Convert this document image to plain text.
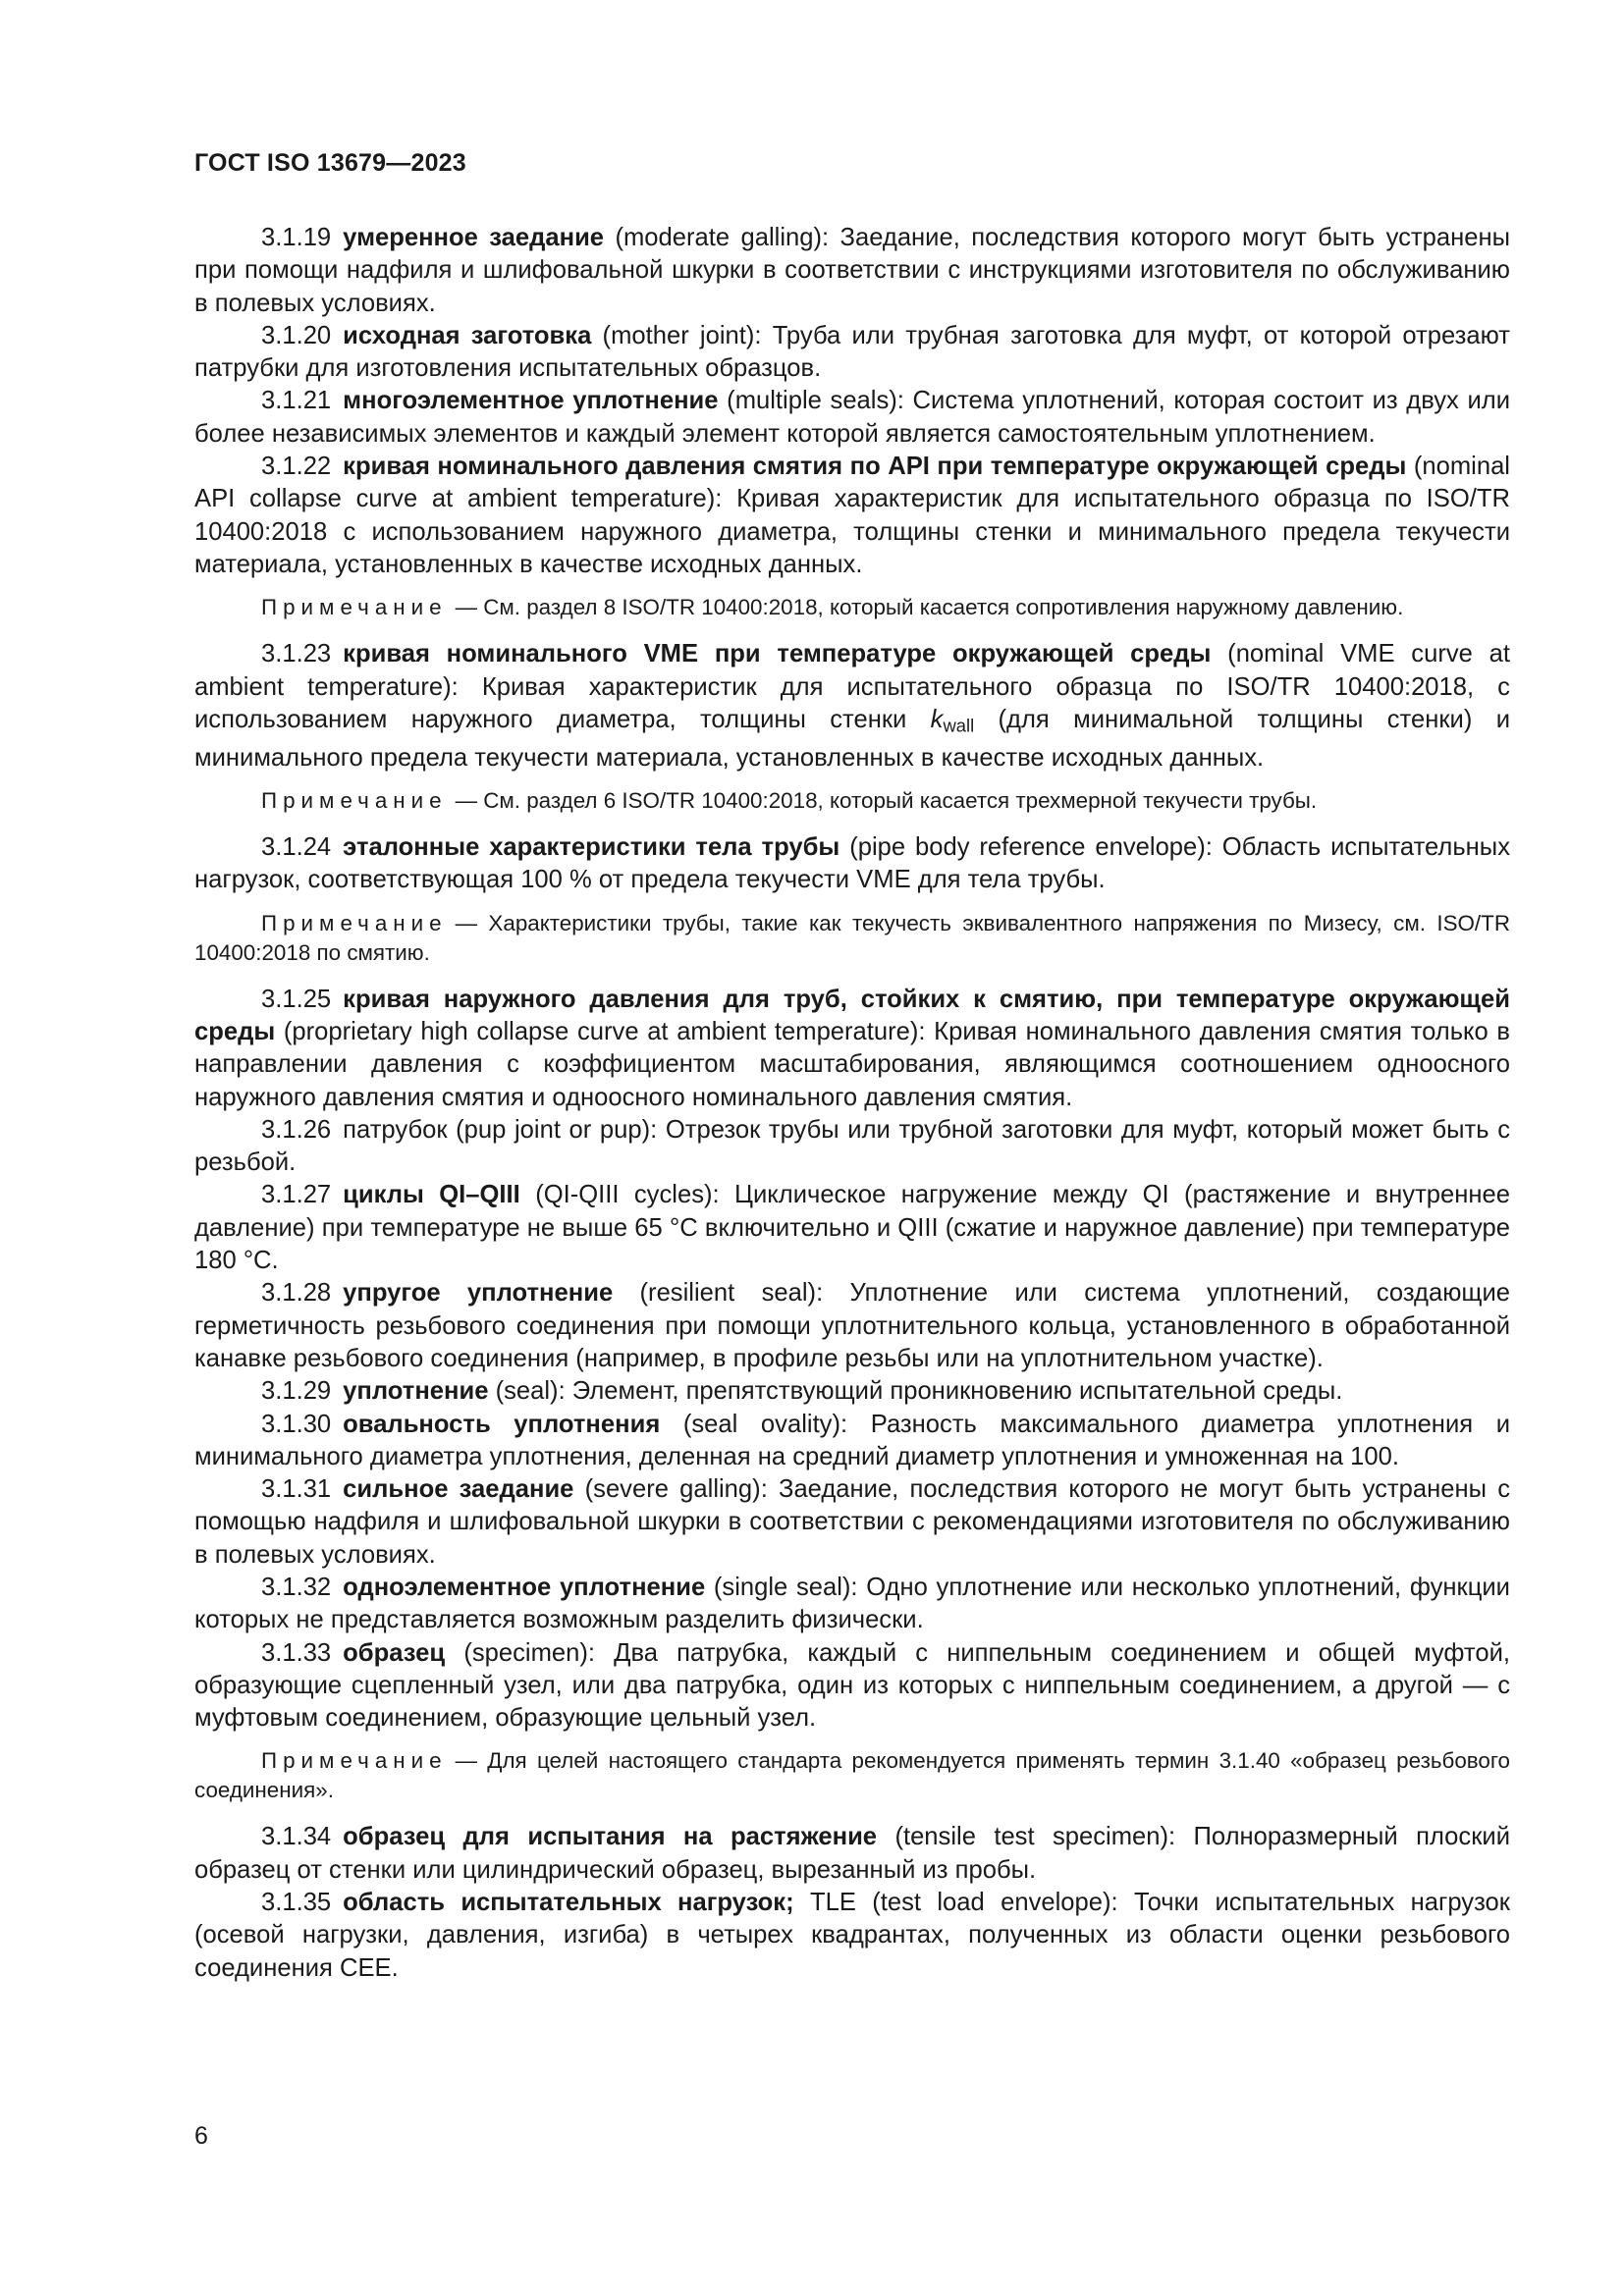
ГОСТ ISO 13679—2023

3.1.19 умеренное заедание (moderate galling): Заедание, последствия которого могут быть устранены при помощи надфиля и шлифовальной шкурки в соответствии с инструкциями изготовителя по обслуживанию в полевых условиях.

3.1.20 исходная заготовка (mother joint): Труба или трубная заготовка для муфт, от которой отрезают патрубки для изготовления испытательных образцов.

3.1.21 многоэлементное уплотнение (multiple seals): Система уплотнений, которая состоит из двух или более независимых элементов и каждый элемент которой является самостоятельным уплотнением.

3.1.22 кривая номинального давления смятия по API при температуре окружающей среды (nominal API collapse curve at ambient temperature): Кривая характеристик для испытательного образца по ISO/TR 10400:2018 с использованием наружного диаметра, толщины стенки и минимального предела текучести материала, установленных в качестве исходных данных.

Примечание — См. раздел 8 ISO/TR 10400:2018, который касается сопротивления наружному давлению.

3.1.23 кривая номинального VME при температуре окружающей среды (nominal VME curve at ambient temperature): Кривая характеристик для испытательного образца по ISO/TR 10400:2018, с использованием наружного диаметра, толщины стенки $k_{wall}$ (для минимальной толщины стенки) и минимального предела текучести материала, установленных в качестве исходных данных.

Примечание — См. раздел 6 ISO/TR 10400:2018, который касается трехмерной текучести трубы.

3.1.24 эталонные характеристики тела трубы (pipe body reference envelope): Область испытательных нагрузок, соответствующая 100 % от предела текучести VME для тела трубы.

Примечание — Характеристики трубы, такие как текучесть эквивалентного напряжения по Мизесу, см. ISO/TR 10400:2018 по смятию.

3.1.25 кривая наружного давления для труб, стойких к смятию, при температуре окружающей среды (proprietary high collapse curve at ambient temperature): Кривая номинального давления смятия только в направлении давления с коэффициентом масштабирования, являющимся соотношением одноосного наружного давления смятия и одноосного номинального давления смятия.

3.1.26 патрубок (pup joint or pup): Отрезок трубы или трубной заготовки для муфт, который может быть с резьбой.

3.1.27 циклы QI–QIII (QI-QIII cycles): Циклическое нагружение между QI (растяжение и внутреннее давление) при температуре не выше 65 °С включительно и QIII (сжатие и наружное давление) при температуре 180 °С.

3.1.28 упругое уплотнение (resilient seal): Уплотнение или система уплотнений, создающие герметичность резьбового соединения при помощи уплотнительного кольца, установленного в обработанной канавке резьбового соединения (например, в профиле резьбы или на уплотнительном участке).

3.1.29 уплотнение (seal): Элемент, препятствующий проникновению испытательной среды.

3.1.30 овальность уплотнения (seal ovality): Разность максимального диаметра уплотнения и минимального диаметра уплотнения, деленная на средний диаметр уплотнения и умноженная на 100.

3.1.31 сильное заедание (severe galling): Заедание, последствия которого не могут быть устранены с помощью надфиля и шлифовальной шкурки в соответствии с рекомендациями изготовителя по обслуживанию в полевых условиях.

3.1.32 одноэлементное уплотнение (single seal): Одно уплотнение или несколько уплотнений, функции которых не представляется возможным разделить физически.

3.1.33 образец (specimen): Два патрубка, каждый с ниппельным соединением и общей муфтой, образующие сцепленный узел, или два патрубка, один из которых с ниппельным соединением, а другой — с муфтовым соединением, образующие цельный узел.

Примечание — Для целей настоящего стандарта рекомендуется применять термин 3.1.40 «образец резьбового соединения».

3.1.34 образец для испытания на растяжение (tensile test specimen): Полноразмерный плоский образец от стенки или цилиндрический образец, вырезанный из пробы.

3.1.35 область испытательных нагрузок; TLE (test load envelope): Точки испытательных нагрузок (осевой нагрузки, давления, изгиба) в четырех квадрантах, полученных из области оценки резьбового соединения СЕЕ.

6
